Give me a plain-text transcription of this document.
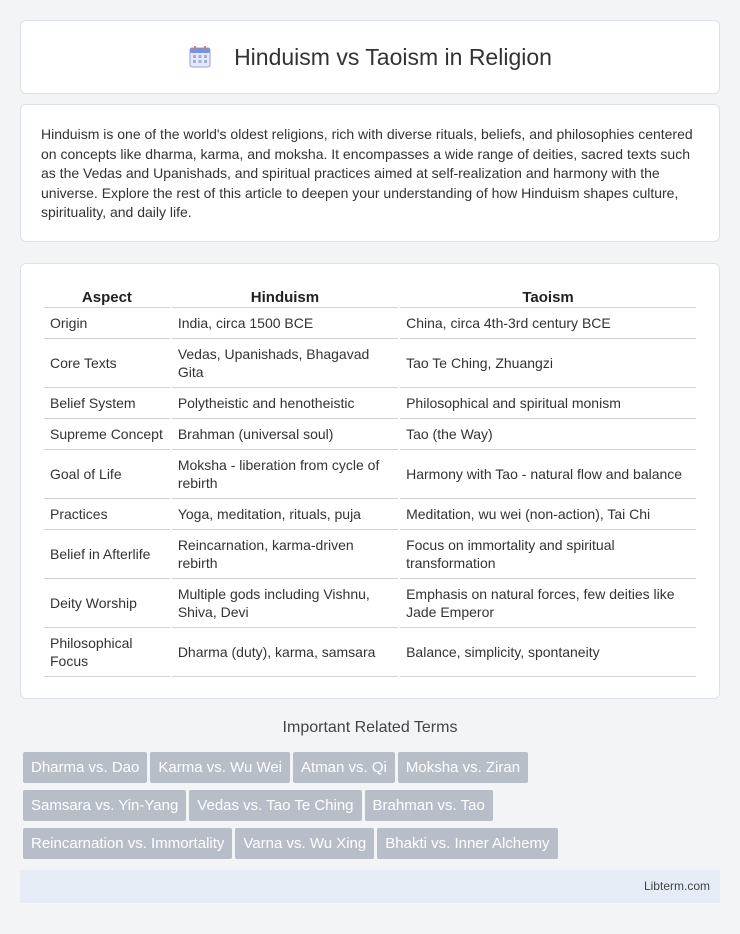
Hinduism vs Taoism in Religion

Hinduism is one of the world's oldest religions, rich with diverse rituals, beliefs, and philosophies centered on concepts like dharma, karma, and moksha. It encompasses a wide range of deities, sacred texts such as the Vedas and Upanishads, and spiritual practices aimed at self-realization and harmony with the universe. Explore the rest of this article to deepen your understanding of how Hinduism shapes culture, spirituality, and daily life.

Aspect	Hinduism	Taoism
Origin	India, circa 1500 BCE	China, circa 4th-3rd century BCE
Core Texts	Vedas, Upanishads, Bhagavad Gita	Tao Te Ching, Zhuangzi
Belief System	Polytheistic and henotheistic	Philosophical and spiritual monism
Supreme Concept	Brahman (universal soul)	Tao (the Way)
Goal of Life	Moksha - liberation from cycle of rebirth	Harmony with Tao - natural flow and balance
Practices	Yoga, meditation, rituals, puja	Meditation, wu wei (non-action), Tai Chi
Belief in Afterlife	Reincarnation, karma-driven rebirth	Focus on immortality and spiritual transformation
Deity Worship	Multiple gods including Vishnu, Shiva, Devi	Emphasis on natural forces, few deities like Jade Emperor
Philosophical Focus	Dharma (duty), karma, samsara	Balance, simplicity, spontaneity
Important Related Terms
Dharma vs. Dao Karma vs. Wu Wei Atman vs. Qi Moksha vs. Ziran
Samsara vs. Yin-Yang Vedas vs. Tao Te Ching Brahman vs. Tao
Reincarnation vs. Immortality Varna vs. Wu Xing Bhakti vs. Inner Alchemy
Libterm.com
